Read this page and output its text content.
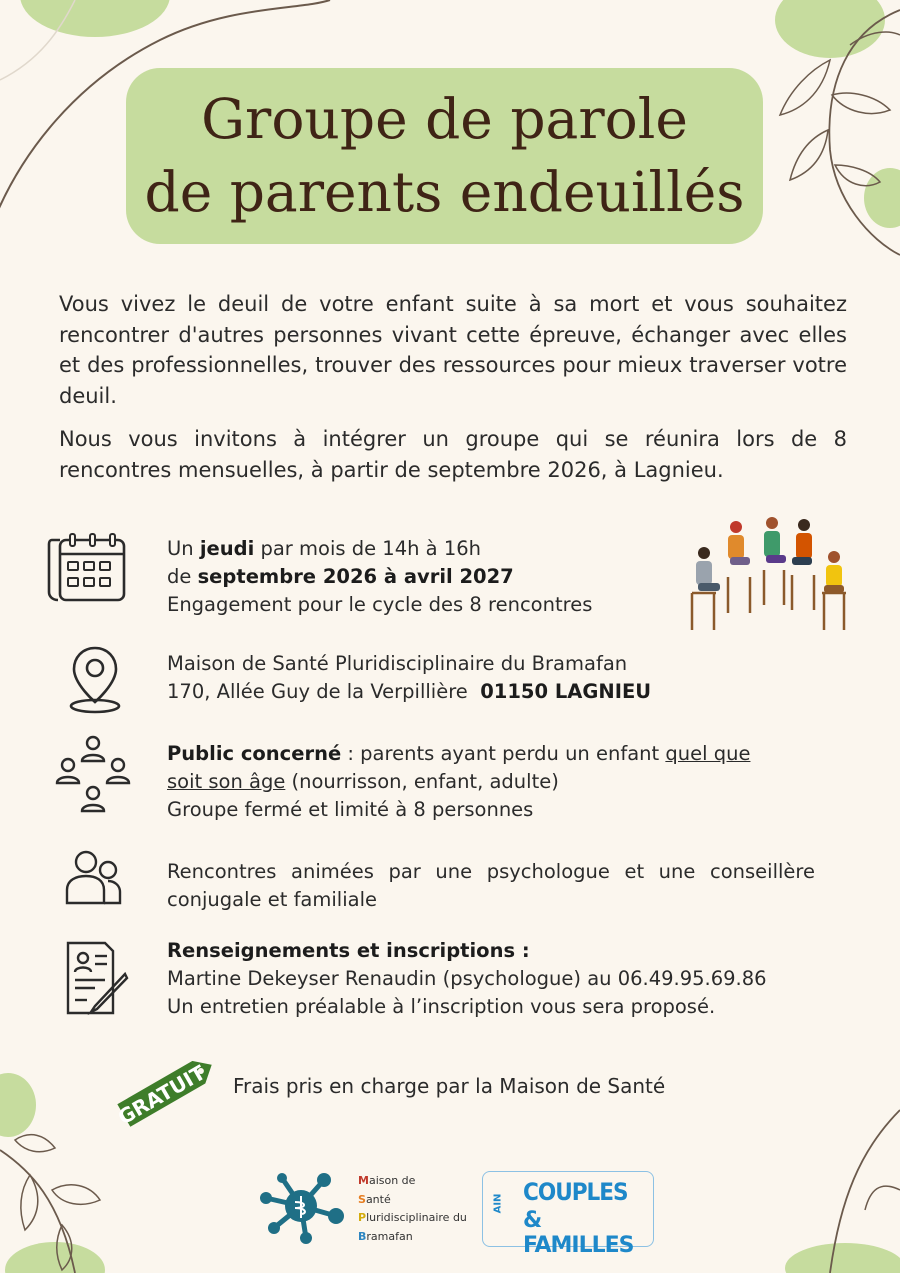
Groupe de parole
de parents endeuillés
Vous vivez le deuil de votre enfant suite à sa mort et vous souhaitez rencontrer d'autres personnes vivant cette épreuve, échanger avec elles et des professionnelles, trouver des ressources pour mieux traverser votre deuil.
Nous vous invitons à intégrer un groupe qui se réunira lors de 8 rencontres mensuelles, à partir de septembre 2026, à Lagnieu.
Un jeudi par mois de 14h à 16h
de septembre 2026 à avril 2027
Engagement pour le cycle des 8 rencontres
Maison de Santé Pluridisciplinaire du Bramafan
170, Allée Guy de la Verpillière 01150 LAGNIEU
Public concerné : parents ayant perdu un enfant quel que
soit son âge (nourrisson, enfant, adulte)
Groupe fermé et limité à 8 personnes
Rencontres animées par une psychologue et une conseillère conjugale et familiale
Renseignements et inscriptions :
Martine Dekeyser Renaudin (psychologue) au 06.49.95.69.86
Un entretien préalable à l’inscription vous sera proposé.
GRATUIT Frais pris en charge par la Maison de Santé
Maison de
Santé
Pluridisciplinaire du
Bramafan
AIN COUPLES
& FAMILLES
